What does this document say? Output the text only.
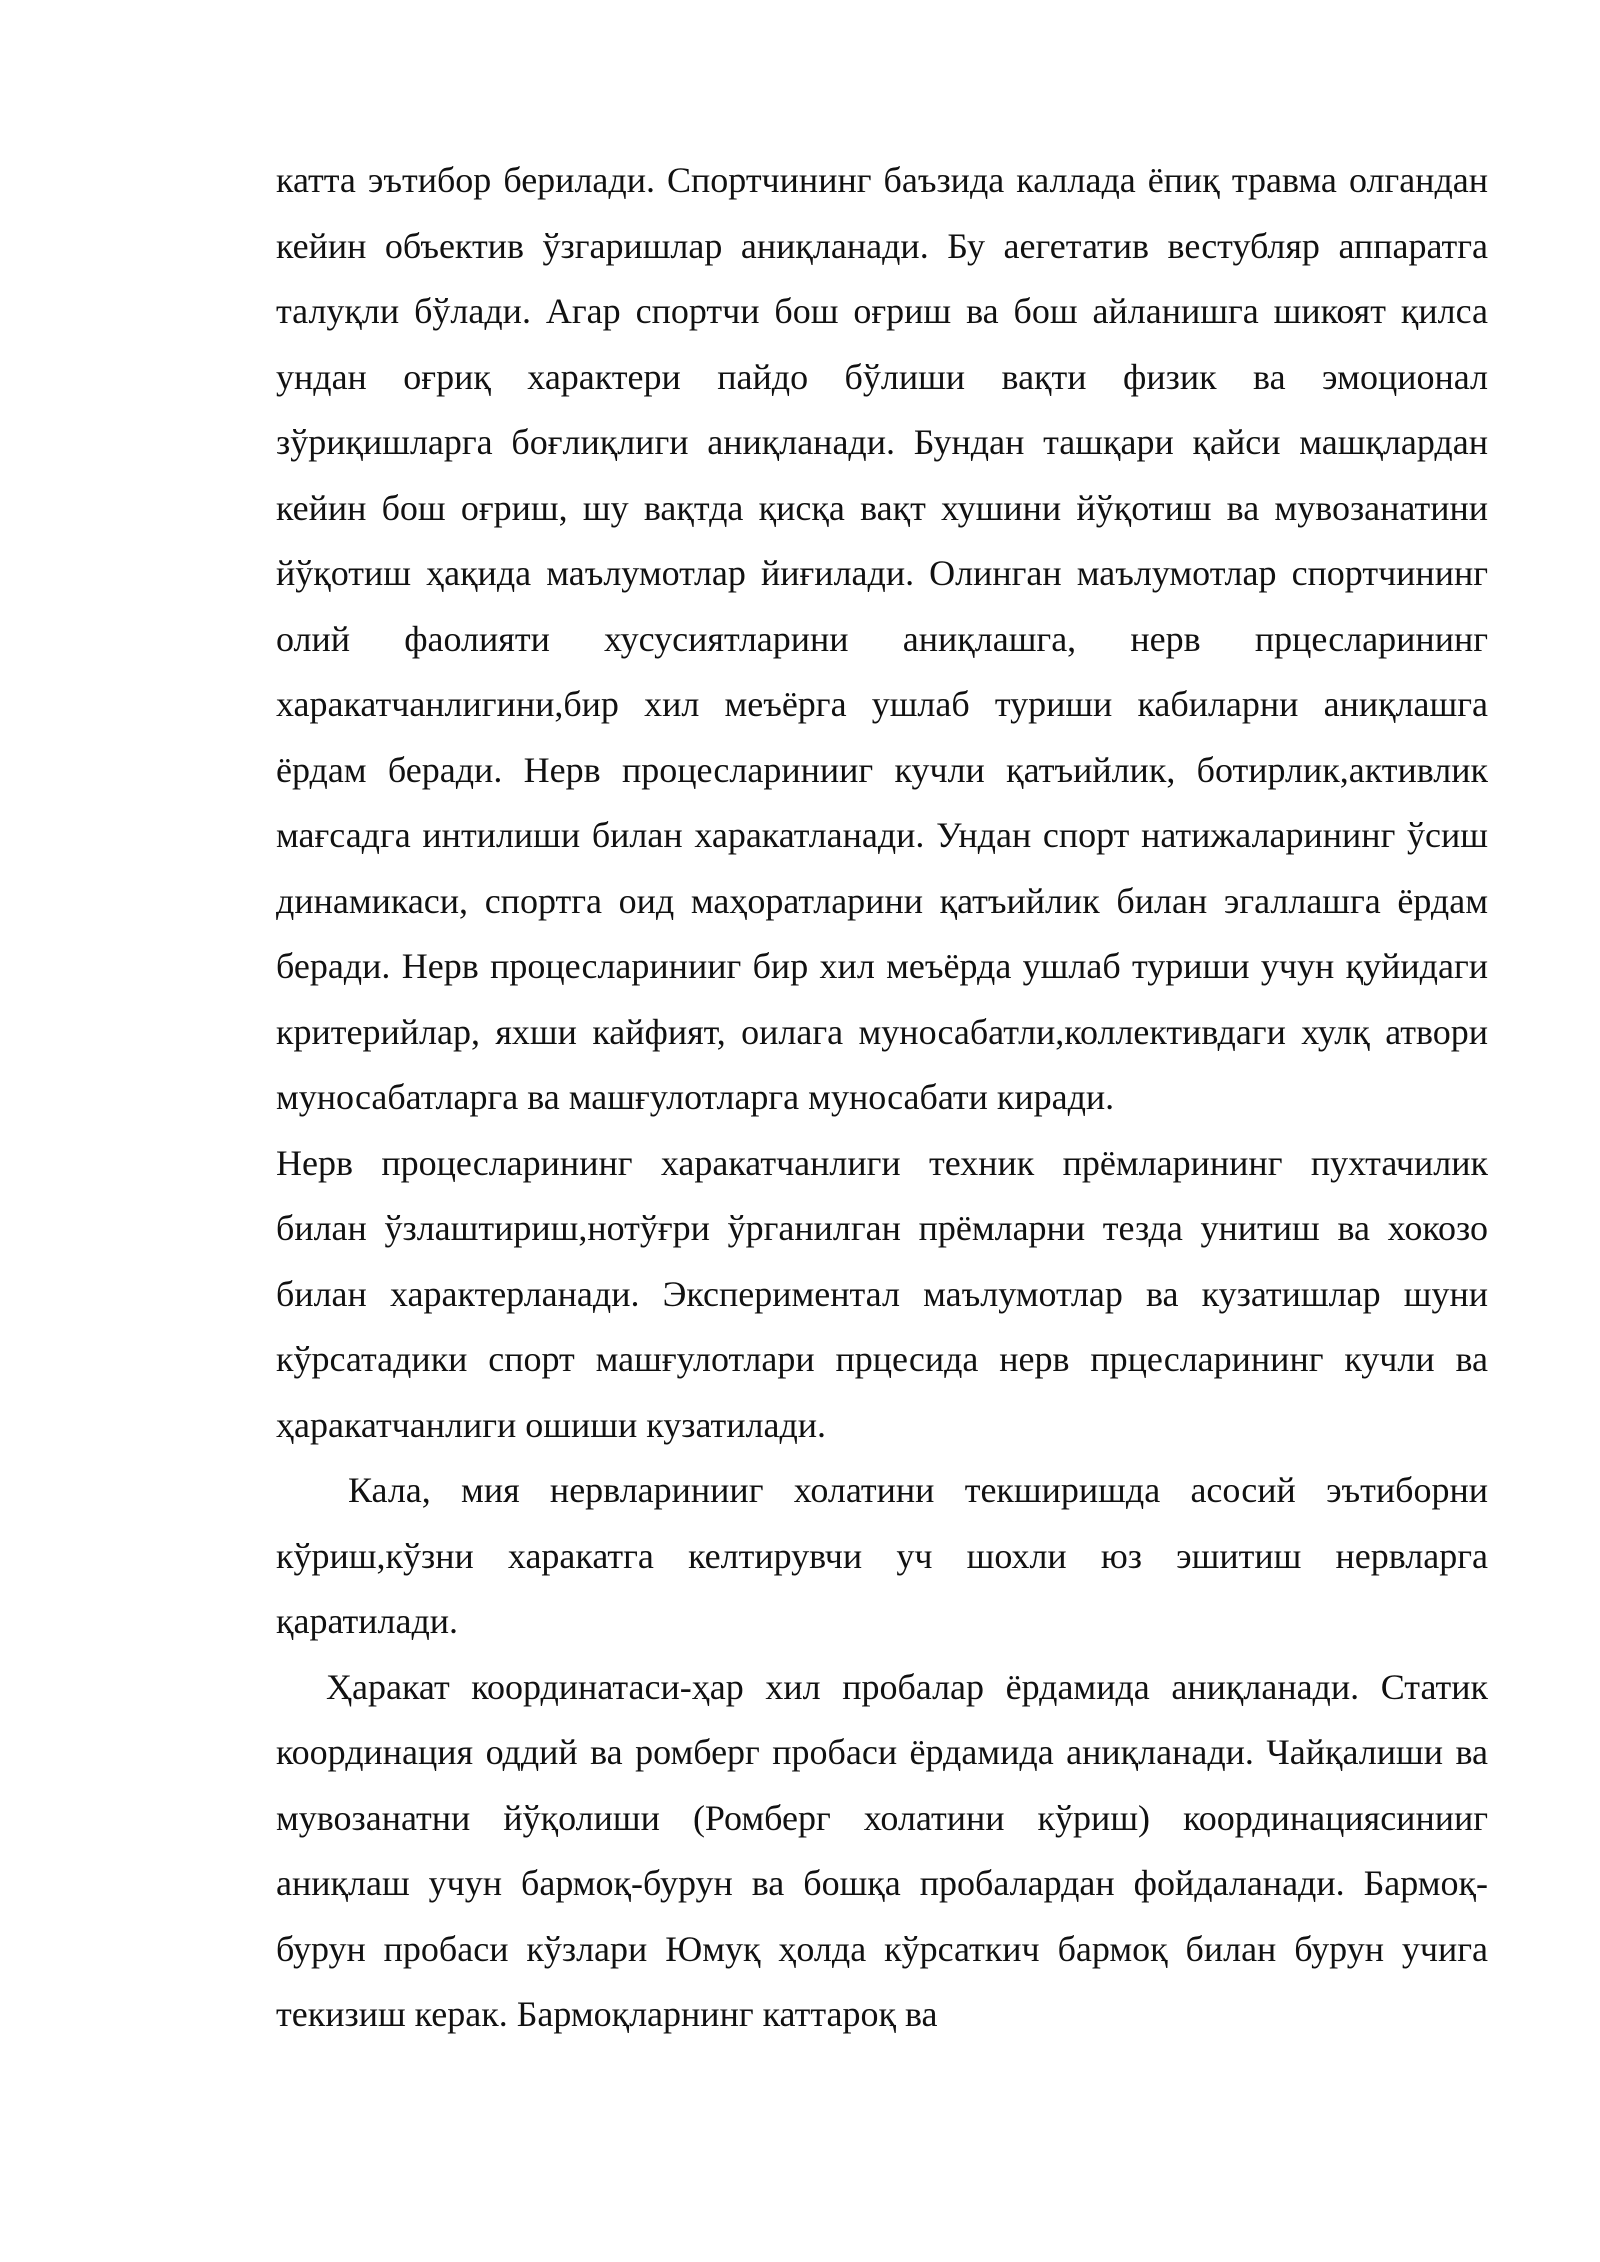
катта эътибор берилади. Спортчининг баъзида каллада ёпиқ травма олгандан кейин объектив ўзгаришлар аниқланади. Бу аегетатив вестубляр аппаратга талуқли бўлади. Агар спортчи бош оғриш ва бош айланишга шикоят қилса ундан оғриқ характери пайдо бўлиши вақти физик ва эмоционал зўриқишларга боғлиқлиги аниқланади. Бундан ташқари қайси машқлардан кейин бош оғриш, шу вақтда қисқа вақт хушини йўқотиш ва мувозанатини йўқотиш ҳақида маълумотлар йиғилади. Олинган маълумотлар спортчининг олий фаолияти хусусиятларини аниқлашга, нерв прцесларининг харакатчанлигини,бир хил меъёрга ушлаб туриши кабиларни аниқлашга ёрдам беради. Нерв процесларинииг кучли қатъийлик, ботирлик,активлик мағсадга интилиши билан харакатланади. Ундан спорт натижаларининг ўсиш динамикаси, спортга оид маҳоратларини қатъийлик билан эгаллашга ёрдам беради. Нерв процесларинииг бир хил меъёрда ушлаб туриши учун қуйидаги критерийлар, яхши кайфият, оилага муносабатли,коллективдаги хулқ атвори муносабатларга ва машғулотларга муносабати киради.

Нерв процесларининг харакатчанлиги техник прёмларининг пухтачилик билан ўзлаштириш,нотўғри ўрганилган прёмларни тезда унитиш ва хокозо билан характерланади. Экспериментал маълумотлар ва кузатишлар шуни кўрсатадики спорт машғулотлари прцесида нерв прцесларининг кучли ва ҳаракатчанлиги ошиши кузатилади.

Кала, мия нервларинииг холатини текширишда асосий эътиборни кўриш,кўзни харакатга келтирувчи уч шохли юз эшитиш нервларга қаратилади.

Ҳаракат координатаси-ҳар хил пробалар ёрдамида аниқланади. Статик координация оддий ва ромберг пробаси ёрдамида аниқланади. Чайқалиши ва мувозанатни йўқолиши (Ромберг холатини кўриш) координациясинииг аниқлаш учун бармоқ-бурун ва бошқа пробалардан фойдаланади. Бармоқ-бурун пробаси кўзлари Юмуқ ҳолда кўрсаткич бармоқ билан бурун учига текизиш керак. Бармоқларнинг каттароқ ва
